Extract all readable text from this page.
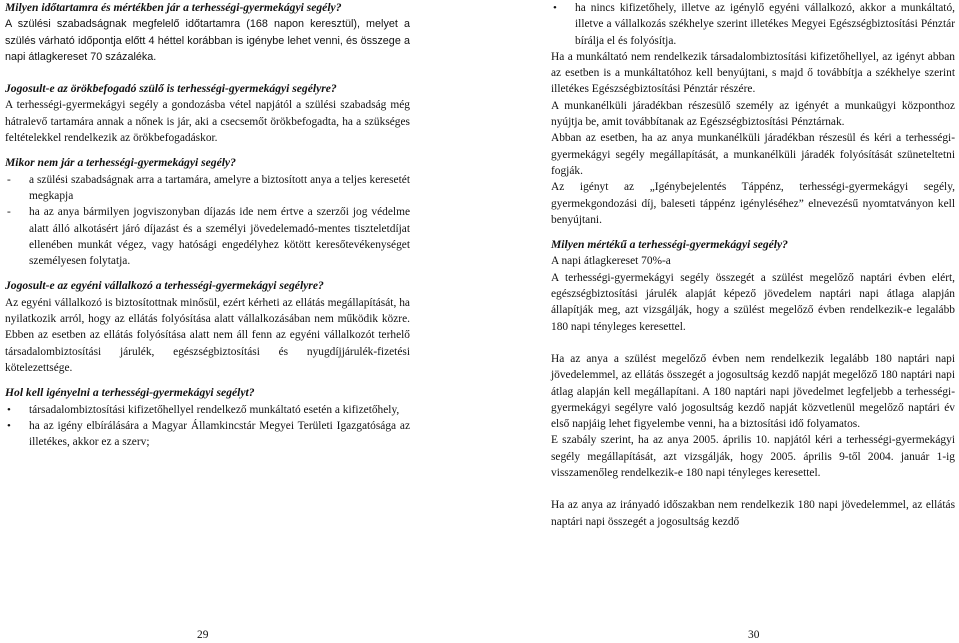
Milyen időtartamra és mértékben jár a terhességi-gyermekágyi segély?

A szülési szabadságnak megfelelő időtartamra (168 napon keresztül), melyet a szülés várható időpontja előtt 4 héttel korábban is igénybe lehet venni, és összege a napi átlagkereset 70 százaléka.

Jogosult-e az örökbefogadó szülő is terhességi-gyermekágyi segélyre?

A terhességi-gyermekágyi segély a gondozásba vétel napjától a szülési szabadság még hátralevő tartamára annak a nőnek is jár, aki a csecsemőt örökbefogadta, ha a szükséges feltételekkel rendelkezik az örökbefogadáskor.

Mikor nem jár a terhességi-gyermekágyi segély?

- a szülési szabadságnak arra a tartamára, amelyre a biztosított anya a teljes keresetét megkapja
- ha az anya bármilyen jogviszonyban díjazás ide nem értve a szerzői jog védelme alatt álló alkotásért járó díjazást és a személyi jövedelemadó-mentes tiszteletdíjat ellenében munkát végez, vagy hatósági engedélyhez kötött keresőtevékenységet személyesen folytatja.

Jogosult-e az egyéni vállalkozó a terhességi-gyermekágyi segélyre?

Az egyéni vállalkozó is biztosítottnak minősül, ezért kérheti az ellátás megállapítását, ha nyilatkozik arról, hogy az ellátás folyósítása alatt vállalkozásában nem működik közre. Ebben az esetben az ellátás folyósítása alatt nem áll fenn az egyéni vállalkozót terhelő társadalombiztosítási járulék, egészségbiztosítási és nyugdíjjárulék-fizetési kötelezettsége.

Hol kell igényelni a terhességi-gyermekágyi segélyt?

• társadalombiztosítási kifizetőhellyel rendelkező munkáltató esetén a kifizetőhely,
• ha az igény elbírálására a Magyar Államkincstár Megyei Területi Igazgatósága az illetékes, akkor ez a szerv;
29
• ha nincs kifizetőhely, illetve az igénylő egyéni vállalkozó, akkor a munkáltató, illetve a vállalkozás székhelye szerint illetékes Megyei Egészségbiztosítási Pénztár bírálja el és folyósítja.

Ha a munkáltató nem rendelkezik társadalombiztosítási kifizetőhellyel, az igényt abban az esetben is a munkáltatóhoz kell benyújtani, s majd ő továbbítja a székhelye szerint illetékes Egészségbiztosítási Pénztár részére.

A munkanélküli járadékban részesülő személy az igényét a munkaügyi központhoz nyújtja be, amit továbbítanak az Egészségbiztosítási Pénztárnak.

Abban az esetben, ha az anya munkanélküli járadékban részesül és kéri a terhességi-gyermekágyi segély megállapítását, a munkanélküli járadék folyósítását szüneteltetni fogják.

Az igényt az „Igénybejelentés Táppénz, terhességi-gyermekágyi segély, gyermekgondozási díj, baleseti táppénz igényléséhez” elnevezésű nyomtatványon kell benyújtani.

Milyen mértékű a terhességi-gyermekágyi segély?

A napi átlagkereset 70%-a

A terhességi-gyermekágyi segély összegét a szülést megelőző naptári évben elért, egészségbiztosítási járulék alapját képező jövedelem naptári napi átlaga alapján állapítják meg, azt vizsgálják, hogy a szülést megelőző évben rendelkezik-e legalább 180 napi tényleges keresettel.

Ha az anya a szülést megelőző évben nem rendelkezik legalább 180 naptári napi jövedelemmel, az ellátás összegét a jogosultság kezdő napját megelőző 180 naptári napi átlag alapján kell megállapítani. A 180 naptári napi jövedelmet legfeljebb a terhességi-gyermekágyi segélyre való jogosultság kezdő napját közvetlenül megelőző naptári év első napjáig lehet figyelembe venni, ha a biztosítási idő folyamatos.

E szabály szerint, ha az anya 2005. április 10. napjától kéri a terhességi-gyermekágyi segély megállapítását, azt vizsgálják, hogy 2005. április 9-től 2004. január 1-ig visszamenőleg rendelkezik-e 180 napi tényleges keresettel.

Ha az anya az irányadó időszakban nem rendelkezik 180 napi jövedelemmel, az ellátás naptári napi összegét a jogosultság kezdő

30
